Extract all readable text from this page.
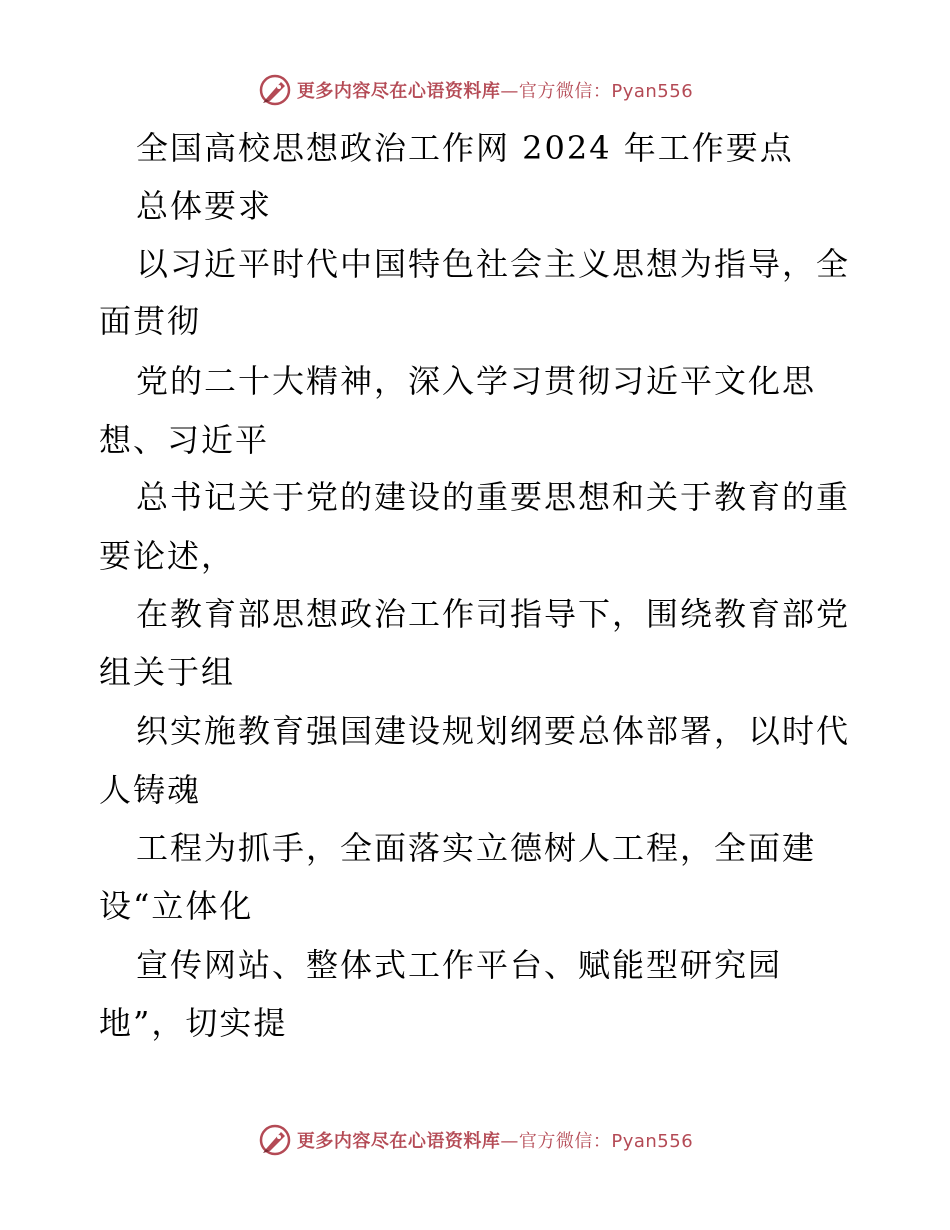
更多内容尽在心语资料库—官方微信：Pyan556
全国高校思想政治工作网 2024 年工作要点
总体要求
以习近平时代中国特色社会主义思想为指导，全
面贯彻
党的二十大精神，深入学习贯彻习近平文化思
想、习近平
总书记关于党的建设的重要思想和关于教育的重
要论述，
在教育部思想政治工作司指导下，围绕教育部党
组关于组
织实施教育强国建设规划纲要总体部署，以时代
人铸魂
工程为抓手，全面落实立德树人工程，全面建
设“立体化
宣传网站、整体式工作平台、赋能型研究园
地”，切实提
更多内容尽在心语资料库—官方微信：Pyan556
